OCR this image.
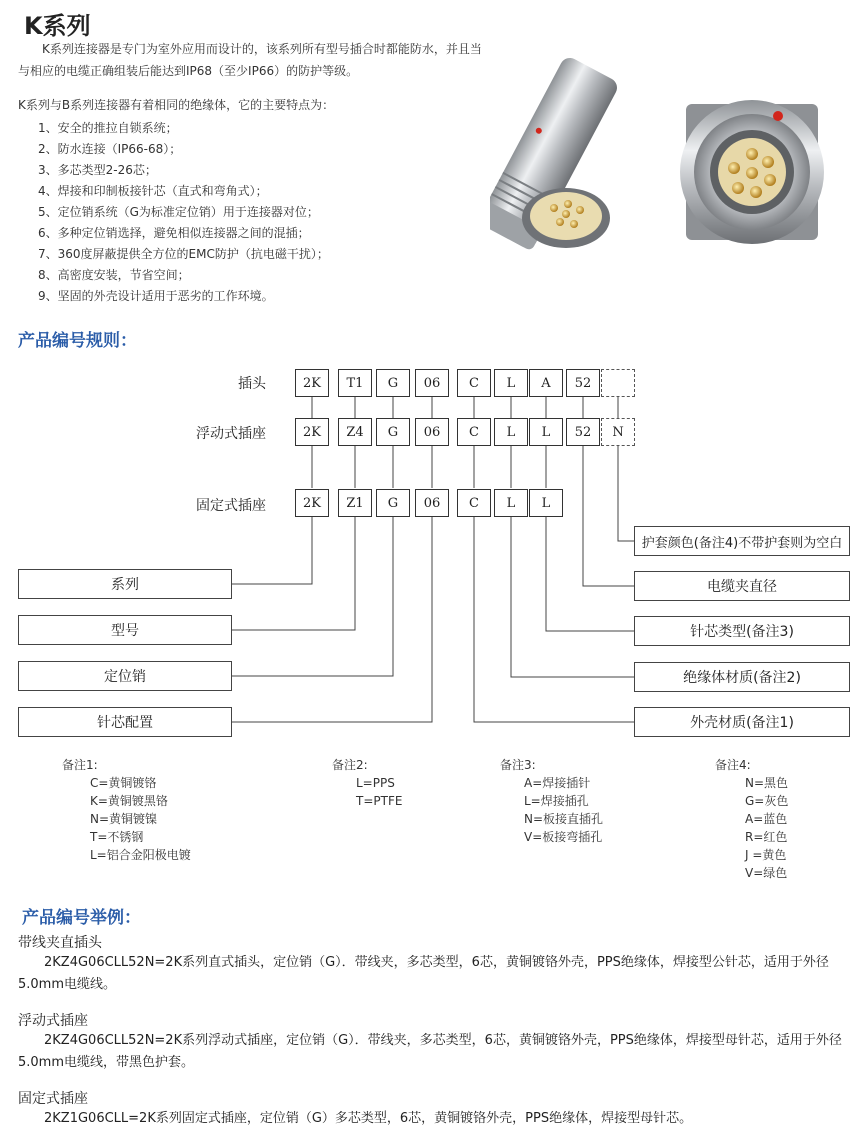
K系列

K系列连接器是专门为室外应用而设计的，该系列所有型号插合时都能防水，并且当与相应的电缆正确组装后能达到IP68（至少IP66）的防护等级。

K系列与B系列连接器有着相同的绝缘体，它的主要特点为：
1、安全的推拉自锁系统；
2、防水连接（IP66-68）；
3、多芯类型2-26芯；
4、焊接和印制板接针芯（直式和弯角式）；
5、定位销系统（G为标准定位销）用于连接器对位；
6、多种定位销选择，避免相似连接器之间的混插；
7、360度屏蔽提供全方位的EMC防护（抗电磁干扰）；
8、高密度安装，节省空间；
9、坚固的外壳设计适用于恶劣的工作环境。
产品编号规则：
插头
浮动式插座
固定式插座
2K	T1	G	06	C	L	A	52
2K	Z4	G	06	C	L	L	52	N
2K	Z1	G	06	C	L	L
系列
型号
定位销
针芯配置
护套颜色(备注4)不带护套则为空白
电缆夹直径
针芯类型(备注3)
绝缘体材质(备注2)
外壳材质(备注1)

备注1:

C=黄铜镀铬
K=黄铜镀黑铬
N=黄铜镀镍
T=不锈钢
L=铝合金阳极电镀

备注2:

L=PPS
T=PTFE

备注3:

A=焊接插针
L=焊接插孔
N=板接直插孔
V=板接弯插孔

备注4:

N=黑色
G=灰色
A=蓝色
R=红色
J =黄色
V=绿色
产品编号举例：

带线夹直插头

2KZ4G06CLL52N=2K系列直式插头，定位销（G）．带线夹，多芯类型，6芯，黄铜镀铬外壳，PPS绝缘体，焊接型公针芯，适用于外径5.0mm电缆线。

浮动式插座

2KZ4G06CLL52N=2K系列浮动式插座，定位销（G）．带线夹，多芯类型，6芯，黄铜镀铬外壳，PPS绝缘体，焊接型母针芯，适用于外径5.0mm电缆线，带黑色护套。

固定式插座

2KZ1G06CLL=2K系列固定式插座，定位销（G）多芯类型，6芯，黄铜镀铬外壳，PPS绝缘体，焊接型母针芯。
